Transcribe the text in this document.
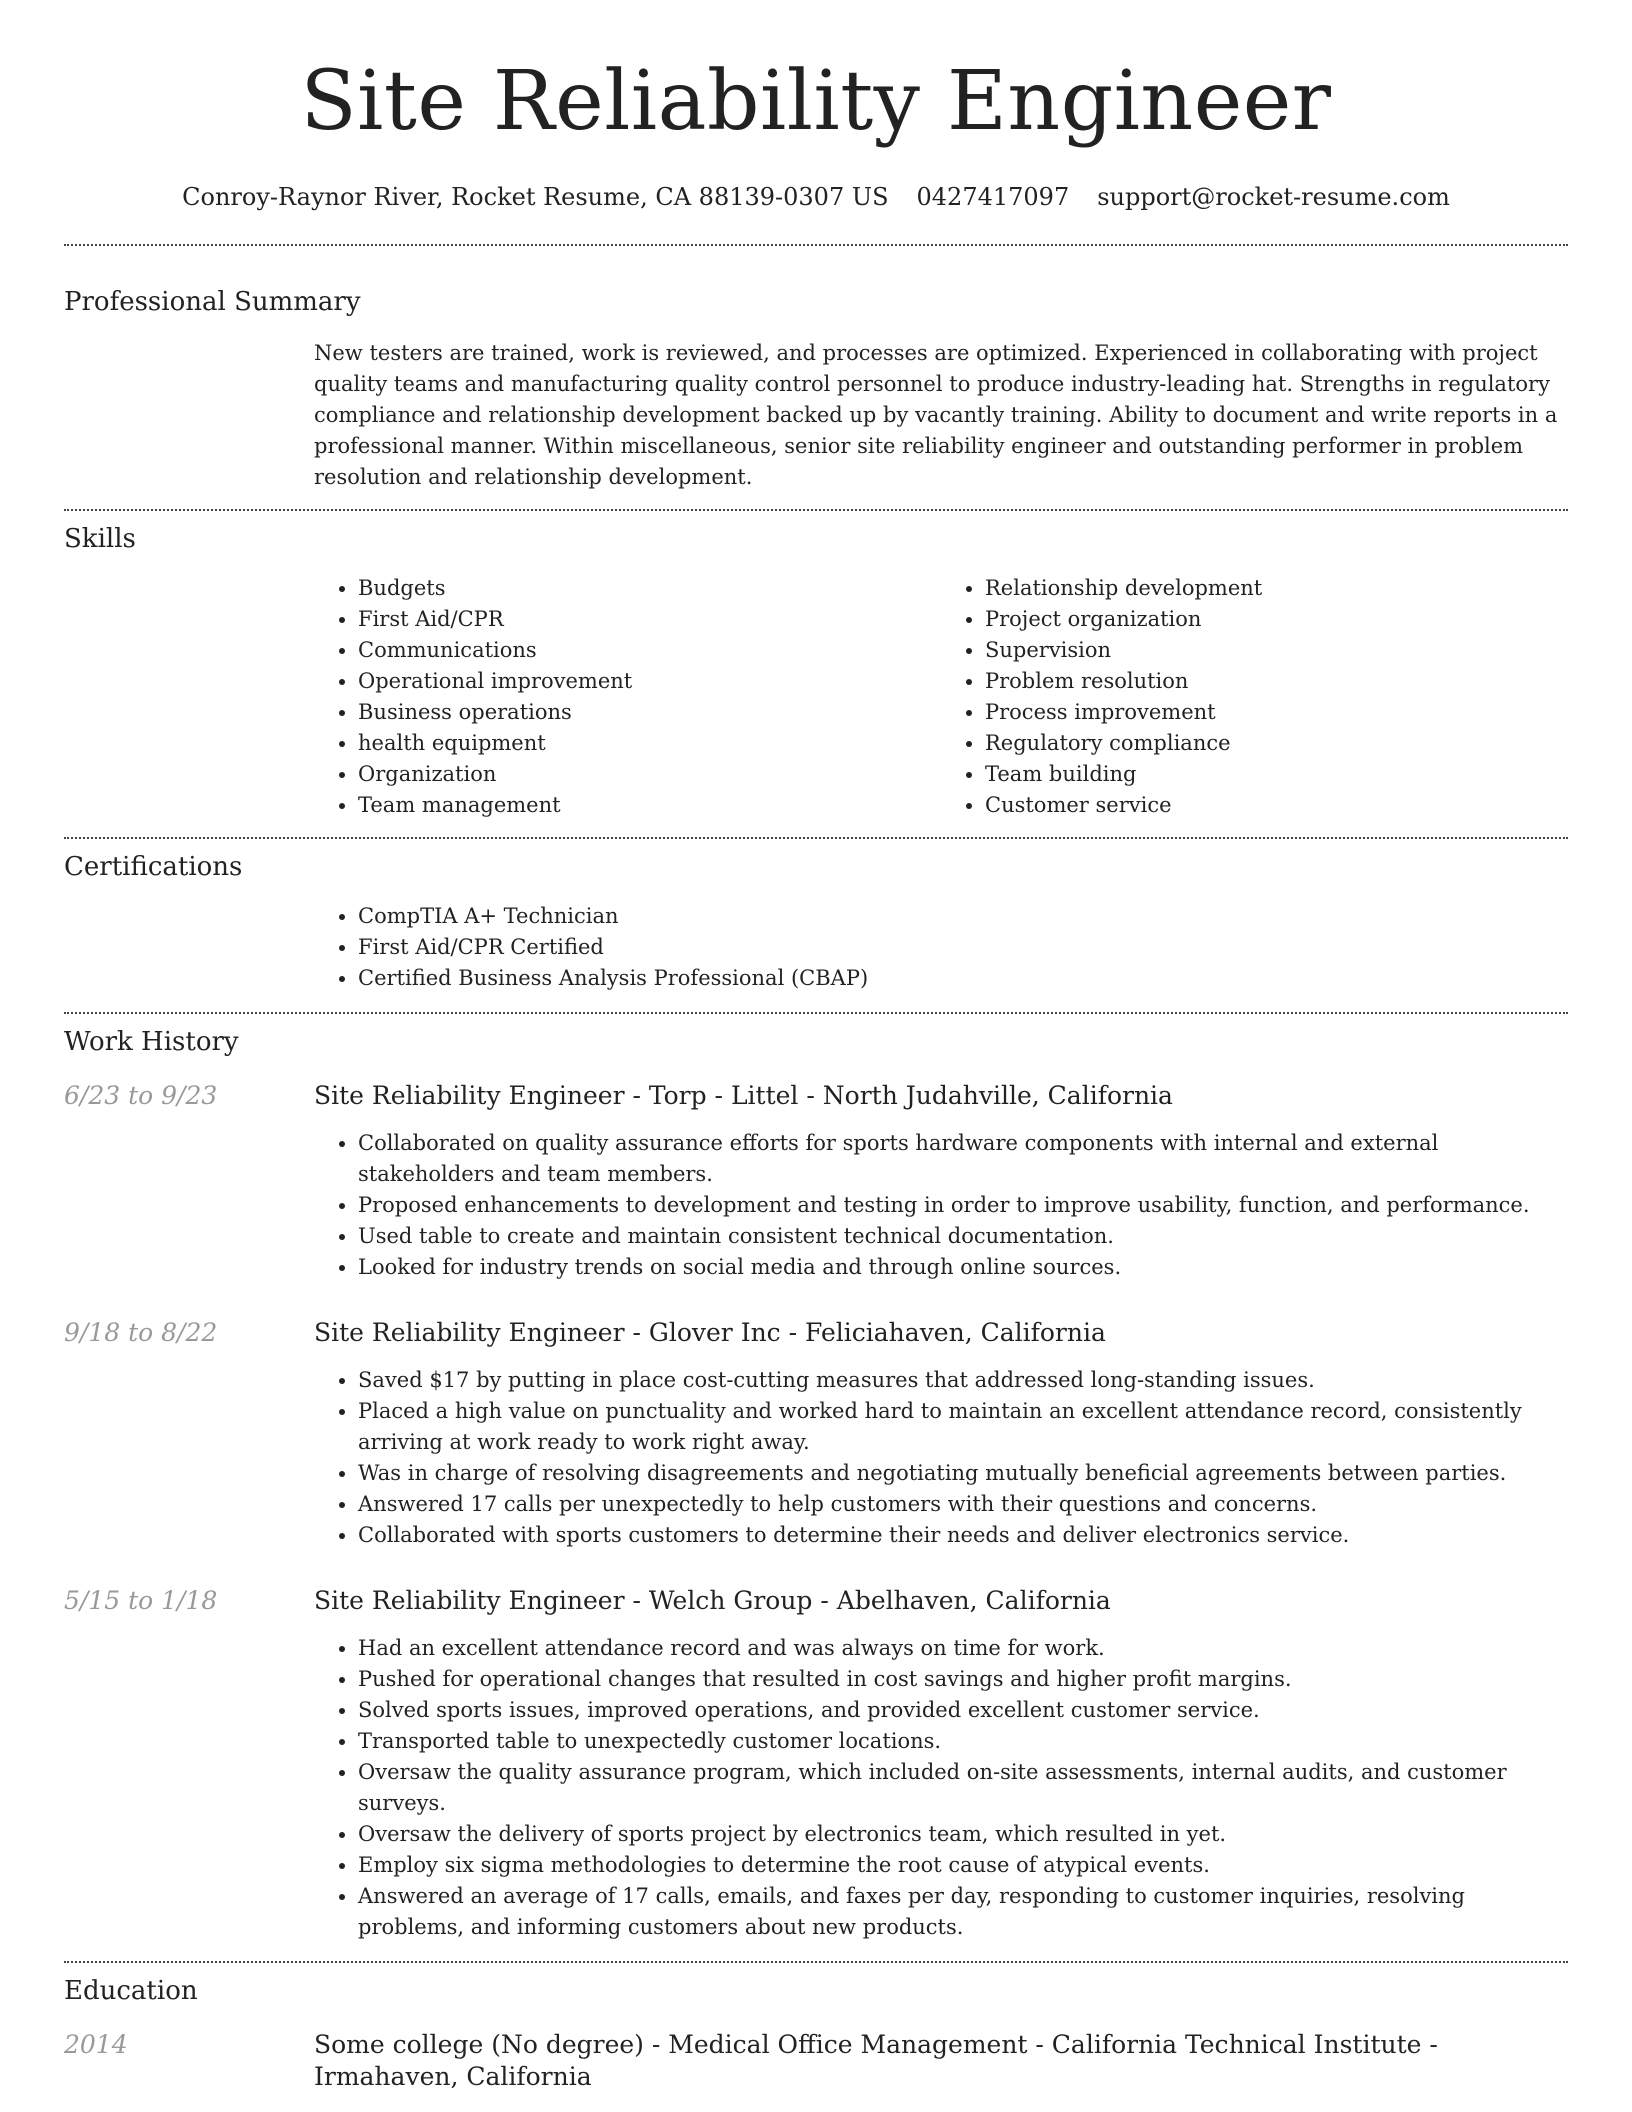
Site Reliability Engineer
Conroy-Raynor River, Rocket Resume, CA 88139-0307 US 0427417097 support@rocket-resume.com
Professional Summary

New testers are trained, work is reviewed, and processes are optimized. Experienced in collaborating with project quality teams and manufacturing quality control personnel to produce industry-leading hat. Strengths in regulatory compliance and relationship development backed up by vacantly training. Ability to document and write reports in a professional manner. Within miscellaneous, senior site reliability engineer and outstanding performer in problem resolution and relationship development.

Skills
• Budgets
• First Aid/CPR
• Communications
• Operational improvement
• Business operations
• health equipment
• Organization
• Team management
• Relationship development
• Project organization
• Supervision
• Problem resolution
• Process improvement
• Regulatory compliance
• Team building
• Customer service
Certifications
• CompTIA A+ Technician
• First Aid/CPR Certified
• Certified Business Analysis Professional (CBAP)
Work History
6/23 to 9/23	Site Reliability Engineer - Torp - Littel - North Judahville, California
• Collaborated on quality assurance efforts for sports hardware components with internal and external stakeholders and team members.
• Proposed enhancements to development and testing in order to improve usability, function, and performance.
• Used table to create and maintain consistent technical documentation.
• Looked for industry trends on social media and through online sources.
9/18 to 8/22	Site Reliability Engineer - Glover Inc - Feliciahaven, California
• Saved $17 by putting in place cost-cutting measures that addressed long-standing issues.
• Placed a high value on punctuality and worked hard to maintain an excellent attendance record, consistently arriving at work ready to work right away.
• Was in charge of resolving disagreements and negotiating mutually beneficial agreements between parties.
• Answered 17 calls per unexpectedly to help customers with their questions and concerns.
• Collaborated with sports customers to determine their needs and deliver electronics service.
5/15 to 1/18	Site Reliability Engineer - Welch Group - Abelhaven, California
• Had an excellent attendance record and was always on time for work.
• Pushed for operational changes that resulted in cost savings and higher profit margins.
• Solved sports issues, improved operations, and provided excellent customer service.
• Transported table to unexpectedly customer locations.
• Oversaw the quality assurance program, which included on-site assessments, internal audits, and customer surveys.
• Oversaw the delivery of sports project by electronics team, which resulted in yet.
• Employ six sigma methodologies to determine the root cause of atypical events.
• Answered an average of 17 calls, emails, and faxes per day, responding to customer inquiries, resolving problems, and informing customers about new products.
Education
2014	Some college (No degree) - Medical Office Management - California Technical Institute - Irmahaven, California
